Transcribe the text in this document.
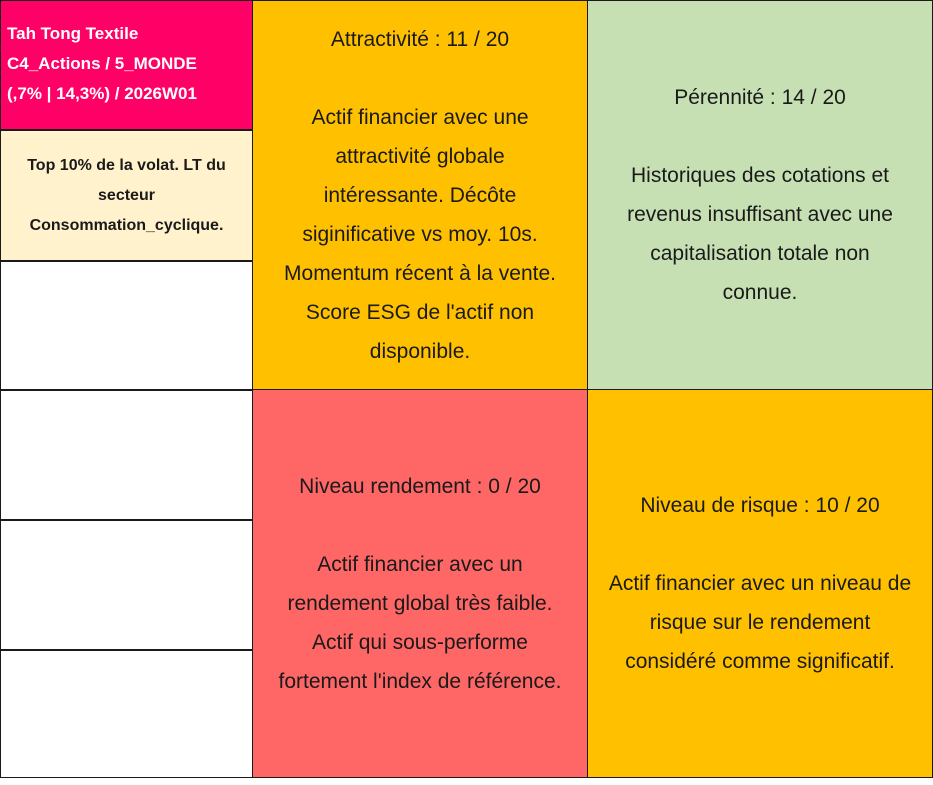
Tah Tong Textile
C4_Actions / 5_MONDE
(,7% | 14,3%) / 2026W01
Top 10% de la volat. LT du
secteur
Consommation_cyclique.
Attractivité : 11 / 20
Actif financier avec une
attractivité globale
intéressante. Décôte
siginificative vs moy. 10s.
Momentum récent à la vente.
Score ESG de l'actif non
disponible.
Pérennité : 14 / 20
Historiques des cotations et
revenus insuffisant avec une
capitalisation totale non
connue.
Niveau rendement : 0 / 20
Actif financier avec un
rendement global très faible.
Actif qui sous-performe
fortement l'index de référence.
Niveau de risque : 10 / 20
Actif financier avec un niveau de
risque sur le rendement
considéré comme significatif.
